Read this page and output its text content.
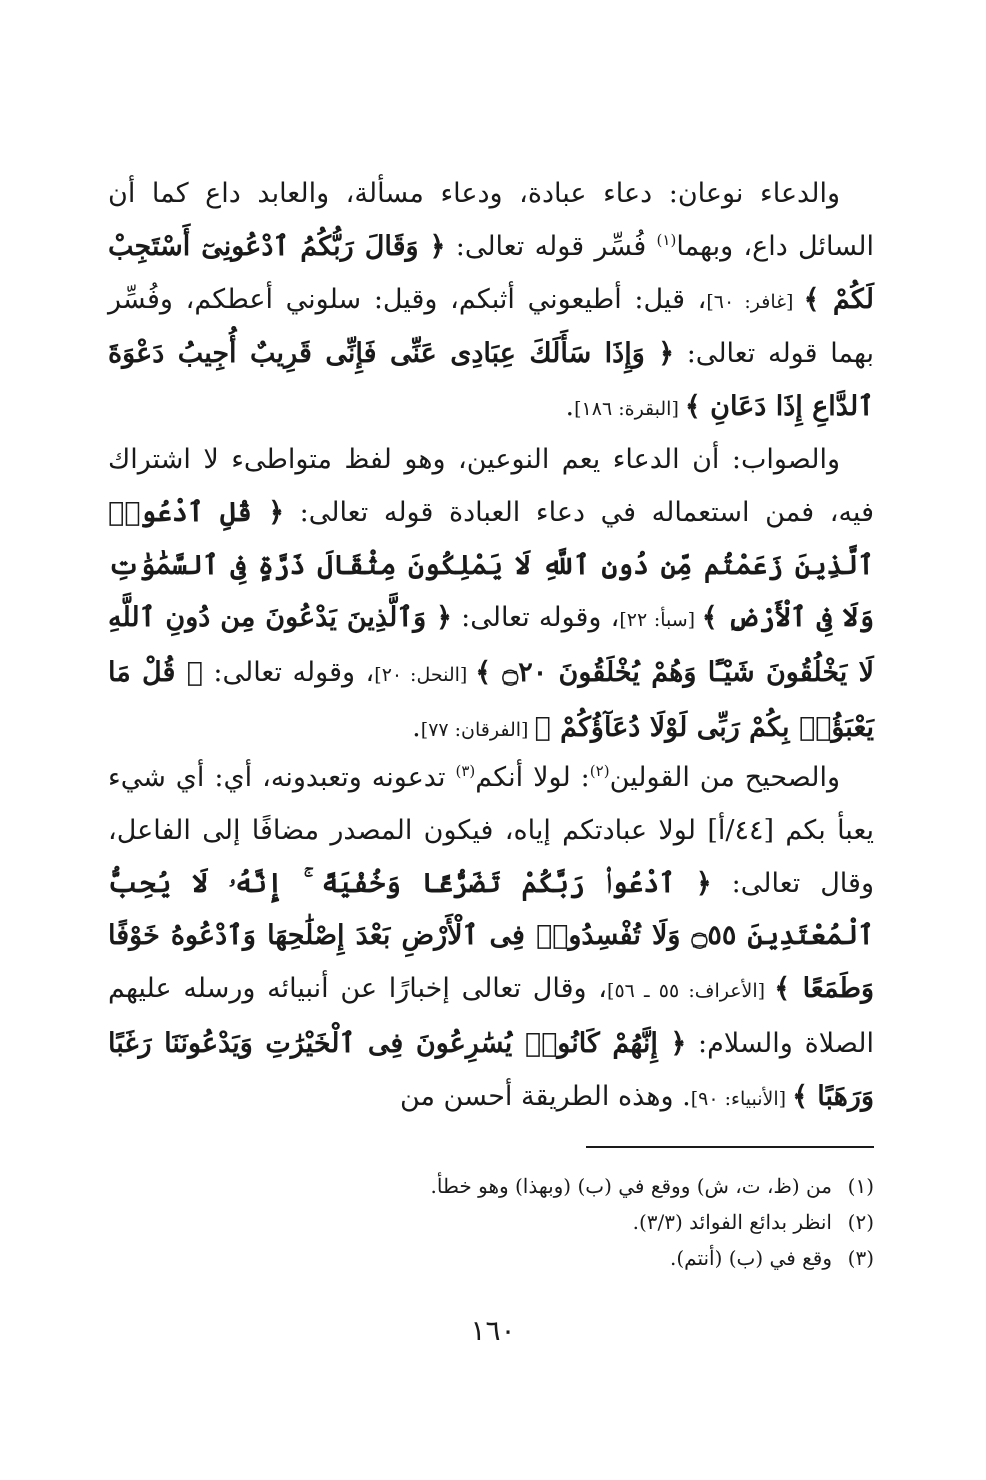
والدعاء نوعان: دعاء عبادة، ودعاء مسألة، والعابد داع كما أن السائل داع، وبهما$^{(١)}$ فُسِّر قوله تعالى: ﴿ وَقَالَ رَبُّكُمُ ٱدْعُونِىٓ أَسْتَجِبْ لَكُمْ ﴾ [غافر: ٦٠]، قيل: أطيعوني أثبكم، وقيل: سلوني أعطكم، وفُسِّر بهما قوله تعالى: ﴿ وَإِذَا سَأَلَكَ عِبَادِى عَنِّى فَإِنِّى قَرِيبٌ أُجِيبُ دَعْوَةَ ٱلدَّاعِ إِذَا دَعَانِ ﴾ [البقرة: ١٨٦].

والصواب: أن الدعاء يعم النوعين، وهو لفظ متواطىء لا اشتراك فيه، فمن استعماله في دعاء العبادة قوله تعالى: ﴿ قُلِ ٱدْعُوا۟ ٱلَّذِينَ زَعَمْتُم مِّن دُونِ ٱللَّهِ لَا يَمْلِكُونَ مِثْقَالَ ذَرَّةٍ فِى ٱلسَّمَٰوَٰتِ وَلَا فِى ٱلْأَرْضِ ﴾ [سبأ: ٢٢]، وقوله تعالى: ﴿ وَٱلَّذِينَ يَدْعُونَ مِن دُونِ ٱللَّهِ لَا يَخْلُقُونَ شَيْـًٔا وَهُمْ يُخْلَقُونَ ۝٢٠ ﴾ [النحل: ٢٠]، وقوله تعالى: ﴿ قُلْ مَا يَعْبَؤُا۟ بِكُمْ رَبِّى لَوْلَا دُعَآؤُكُمْ ﴾ [الفرقان: ٧٧].

والصحيح من القولين$^{(٢)}$: لولا أنكم$^{(٣)}$ تدعونه وتعبدونه، أي: أي شيء يعبأ بكم [٤٤/أ] لولا عبادتكم إياه، فيكون المصدر مضافًا إلى الفاعل، وقال تعالى: ﴿ ٱدْعُوا۟ رَبَّكُمْ تَضَرُّعًا وَخُفْيَةً ۚ إِنَّهُۥ لَا يُحِبُّ ٱلْمُعْتَدِينَ ۝٥٥ وَلَا تُفْسِدُوا۟ فِى ٱلْأَرْضِ بَعْدَ إِصْلَٰحِهَا وَٱدْعُوهُ خَوْفًا وَطَمَعًا ﴾ [الأعراف: ٥٥ ـ ٥٦]، وقال تعالى إخبارًا عن أنبيائه ورسله عليهم الصلاة والسلام: ﴿ إِنَّهُمْ كَانُوا۟ يُسَٰرِعُونَ فِى ٱلْخَيْرَٰتِ وَيَدْعُونَنَا رَغَبًا وَرَهَبًا ﴾ [الأنبياء: ٩٠]. وهذه الطريقة أحسن من

(١)من (ظ، ت، ش) ووقع في (ب) (وبهذا) وهو خطأ.

(٢)انظر بدائع الفوائد (٣/٣).

(٣)وقع في (ب) (أنتم).

١٦٠
